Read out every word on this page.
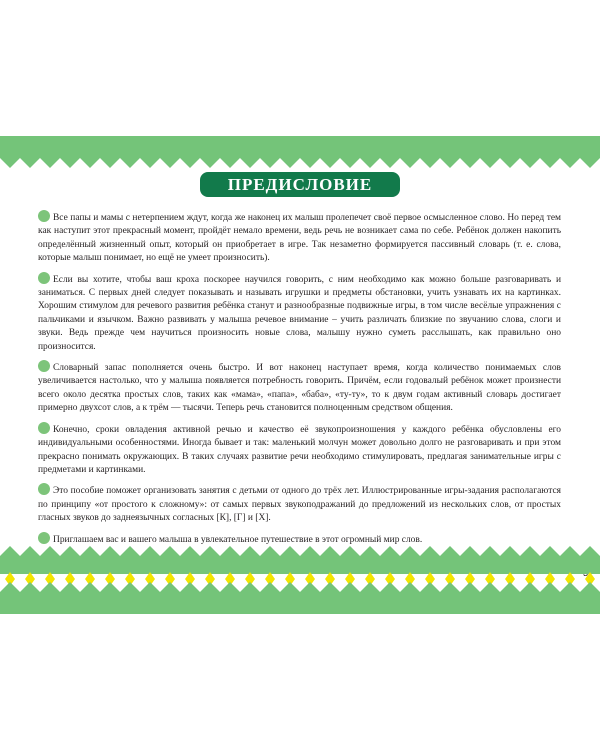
ПРЕДИСЛОВИЕ

Все папы и мамы с нетерпением ждут, когда же наконец их малыш пролепечет своё первое осмысленное слово. Но перед тем как наступит этот прекрасный момент, пройдёт немало времени, ведь речь не возникает сама по себе. Ребёнок должен накопить определённый жизненный опыт, который он приобретает в игре. Так незаметно формируется пассивный словарь (т. е. слова, которые малыш понимает, но ещё не умеет произносить).

Если вы хотите, чтобы ваш кроха поскорее научился говорить, с ним необходимо как можно больше разговаривать и заниматься. С первых дней следует показывать и называть игрушки и предметы обстановки, учить узнавать их на картинках. Хорошим стимулом для речевого развития ребёнка станут и разнообразные подвижные игры, в том числе весёлые упражнения с пальчиками и язычком. Важно развивать у малыша речевое внимание – учить различать близкие по звучанию слова, слоги и звуки. Ведь прежде чем научиться произносить новые слова, малышу нужно суметь расслышать, как правильно оно произносится.

Словарный запас пополняется очень быстро. И вот наконец наступает время, когда количество понимаемых слов увеличивается настолько, что у малыша появляется потребность говорить. Причём, если годовалый ребёнок может произнести всего около десятка простых слов, таких как «мама», «папа», «баба», «ту-ту», то к двум годам активный словарь достигает примерно двухсот слов, а к трём — тысячи. Теперь речь становится полноценным средством общения.

Конечно, сроки овладения активной речью и качество её звукопроизношения у каждого ребёнка обусловлены его индивидуальными особенностями. Иногда бывает и так: маленький молчун может довольно долго не разговаривать и при этом прекрасно понимать окружающих. В таких случаях развитие речи необходимо стимулировать, предлагая занимательные игры с предметами и картинками.

Это пособие поможет организовать занятия с детьми от одного до трёх лет. Иллюстрированные игры-задания располагаются по принципу «от простого к сложному»: от самых первых звукоподражаний до предложений из нескольких слов, от простых гласных звуков до заднеязычных согласных [К], [Г] и [Х].

Приглашаем вас и вашего малыша в увлекательное путешествие в этот огромный мир слов.
